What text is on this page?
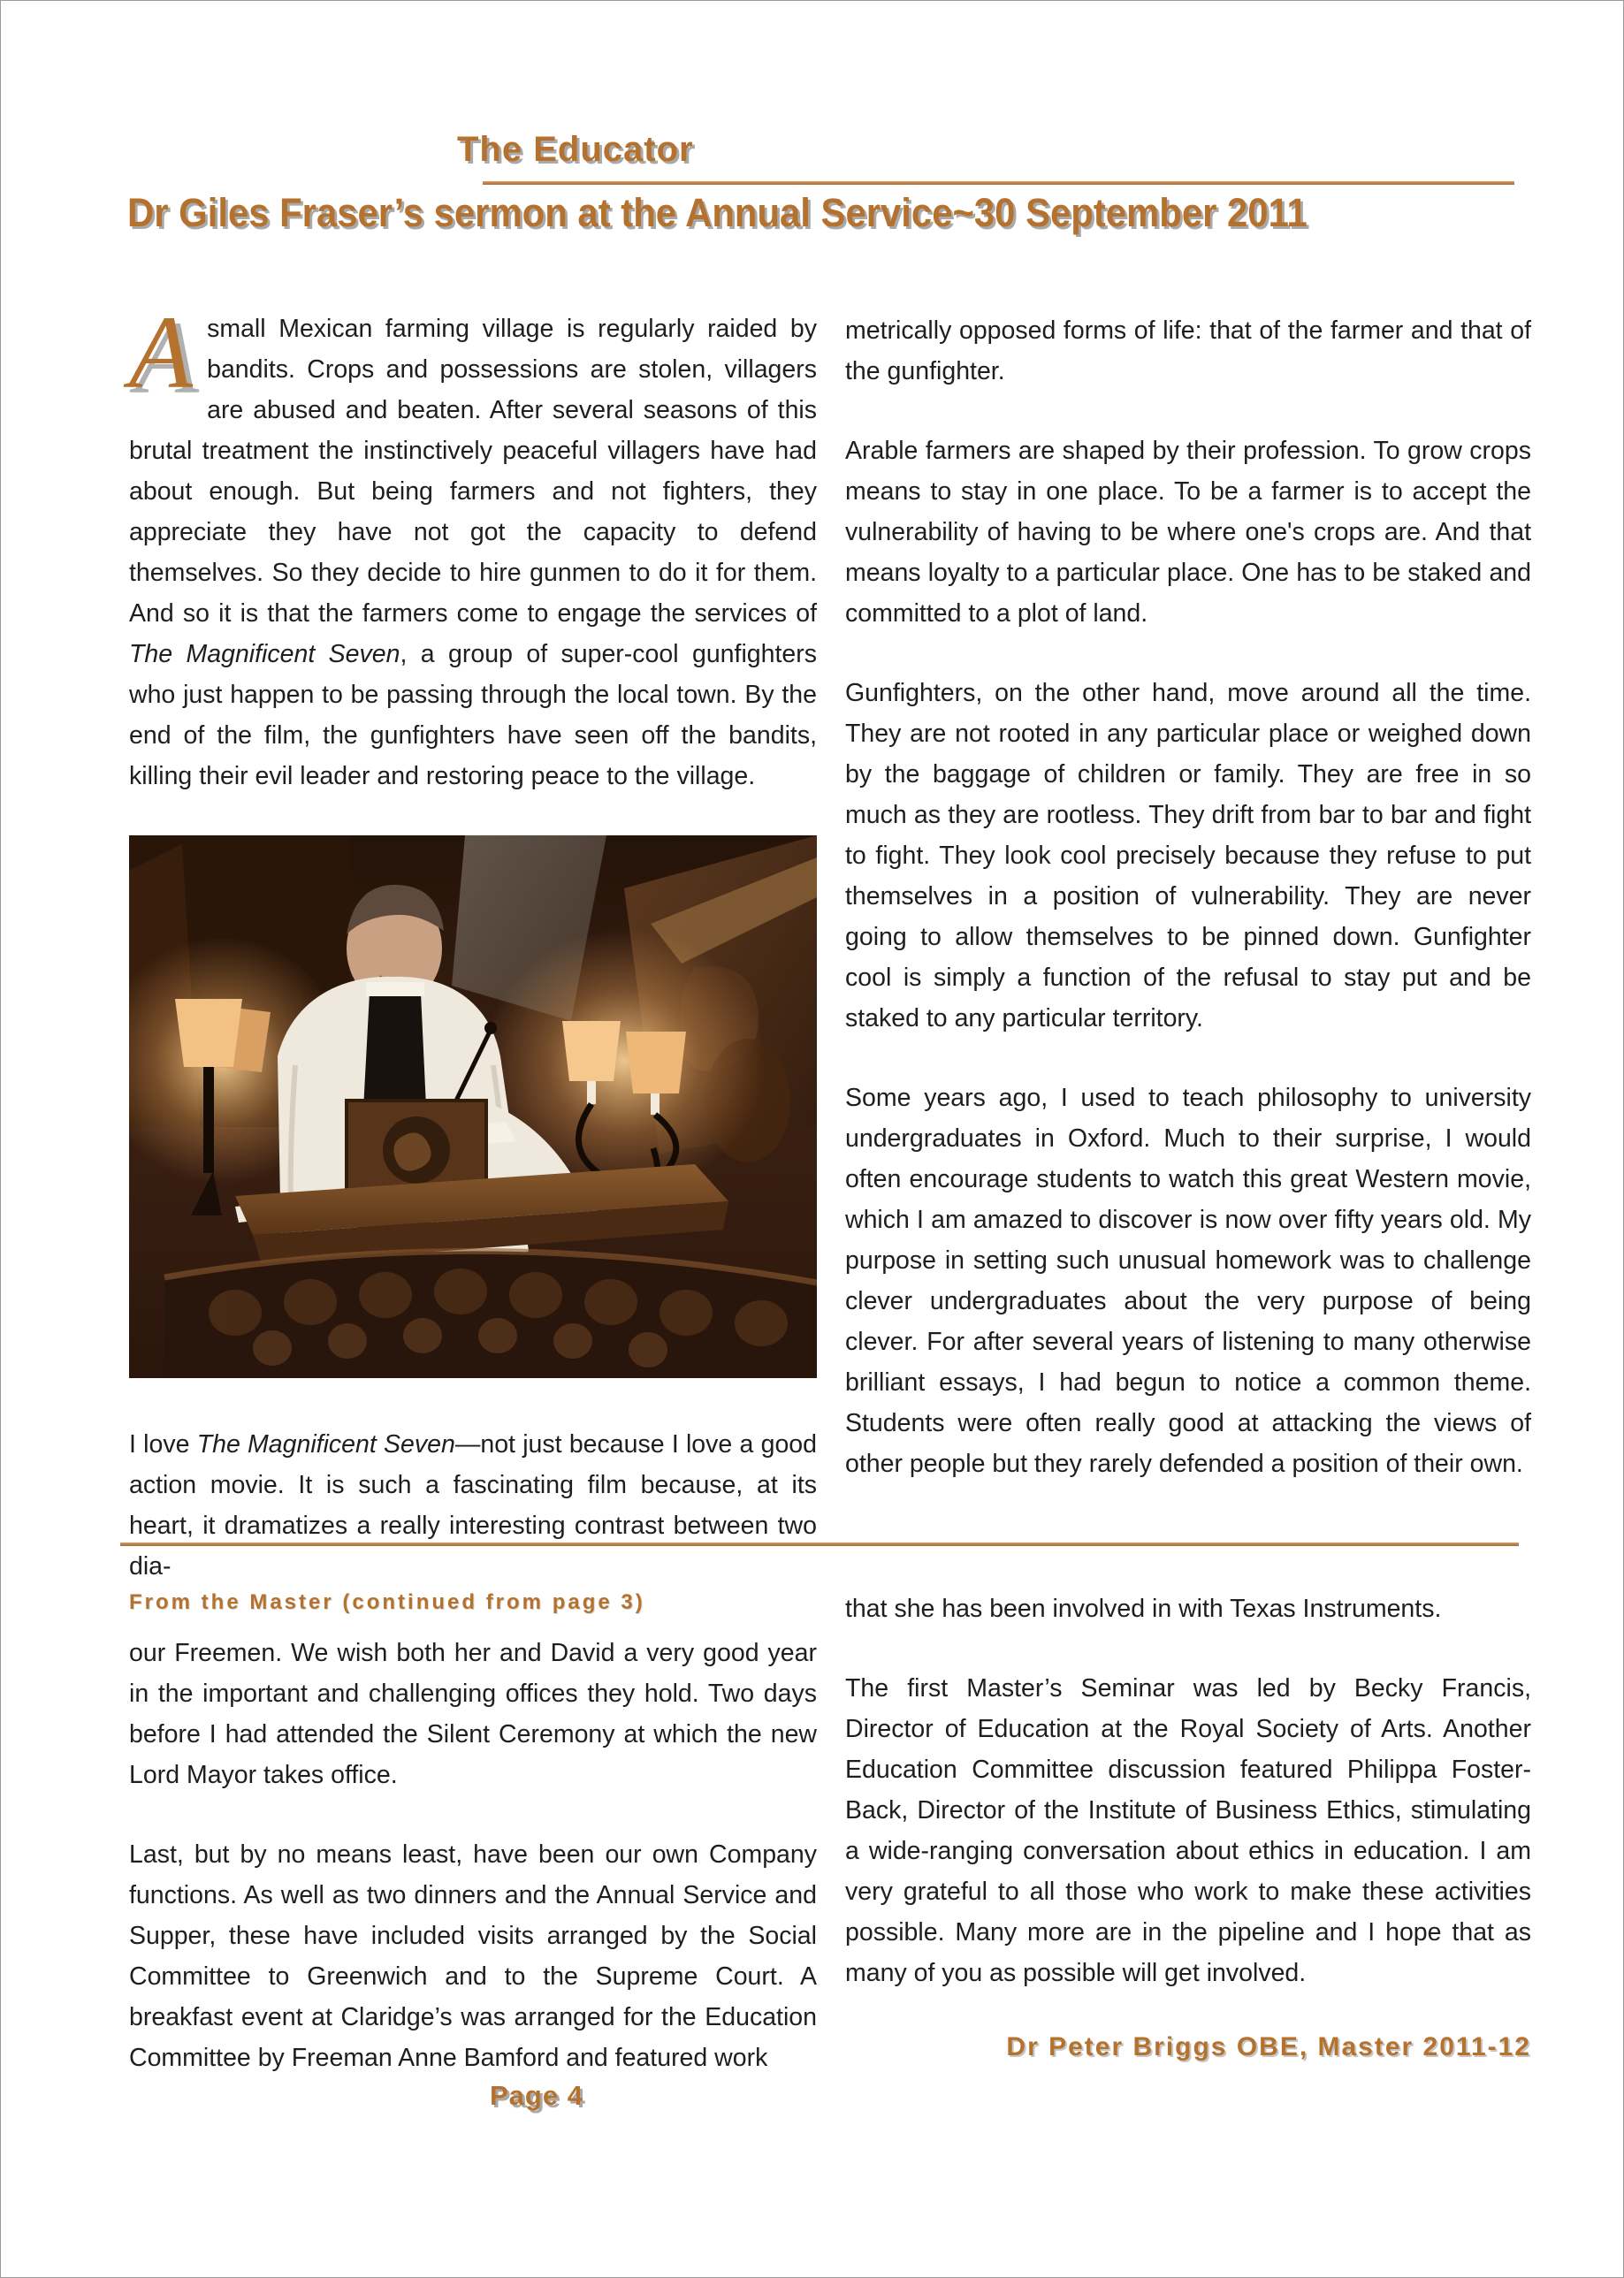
The Educator
Dr Giles Fraser’s sermon at the Annual Service~30 September 2011

Asmall Mexican farming village is regularly raided by bandits. Crops and possessions are stolen, villagers are abused and beaten. After several seasons of this brutal treatment the instinctively peaceful villagers have had about enough. But being farmers and not fighters, they appreciate they have not got the capacity to defend themselves. So they decide to hire gunmen to do it for them. And so it is that the farmers come to engage the services of The Magnificent Seven, a group of super-cool gunfighters who just happen to be passing through the local town. By the end of the film, the gunfighters have seen off the bandits, killing their evil leader and restoring peace to the village.

I love The Magnificent Seven—not just because I love a good action movie. It is such a fascinating film because, at its heart, it dramatizes a really interesting contrast between two dia-

metrically opposed forms of life: that of the farmer and that of the gunfighter.

Arable farmers are shaped by their profession. To grow crops means to stay in one place. To be a farmer is to accept the vulnerability of having to be where one's crops are. And that means loyalty to a particular place. One has to be staked and committed to a plot of land.

Gunfighters, on the other hand, move around all the time. They are not rooted in any particular place or weighed down by the baggage of children or family. They are free in so much as they are rootless. They drift from bar to bar and fight to fight. They look cool precisely because they refuse to put themselves in a position of vulnerability. They are never going to allow themselves to be pinned down. Gunfighter cool is simply a function of the refusal to stay put and be staked to any particular territory.

Some years ago, I used to teach philosophy to university undergraduates in Oxford. Much to their surprise, I would often encourage students to watch this great Western movie, which I am amazed to discover is now over fifty years old. My purpose in setting such unusual homework was to challenge clever undergraduates about the very purpose of being clever. For after several years of listening to many otherwise brilliant essays, I had begun to notice a common theme. Students were often really good at attacking the views of other people but they rarely defended a position of their own.

From the Master (continued from page 3)

our Freemen. We wish both her and David a very good year in the important and challenging offices they hold. Two days before I had attended the Silent Ceremony at which the new Lord Mayor takes office.

Last, but by no means least, have been our own Company functions. As well as two dinners and the Annual Service and Supper, these have included visits arranged by the Social Committee to Greenwich and to the Supreme Court. A breakfast event at Claridge’s was arranged for the Education Committee by Freeman Anne Bamford and featured work

that she has been involved in with Texas Instruments.

The first Master’s Seminar was led by Becky Francis, Director of Education at the Royal Society of Arts. Another Education Committee discussion featured Philippa Foster-Back, Director of the Institute of Business Ethics, stimulating a wide-ranging conversation about ethics in education. I am very grateful to all those who work to make these activities possible. Many more are in the pipeline and I hope that as many of you as possible will get involved.

Dr Peter Briggs OBE, Master 2011-12
Page 4
